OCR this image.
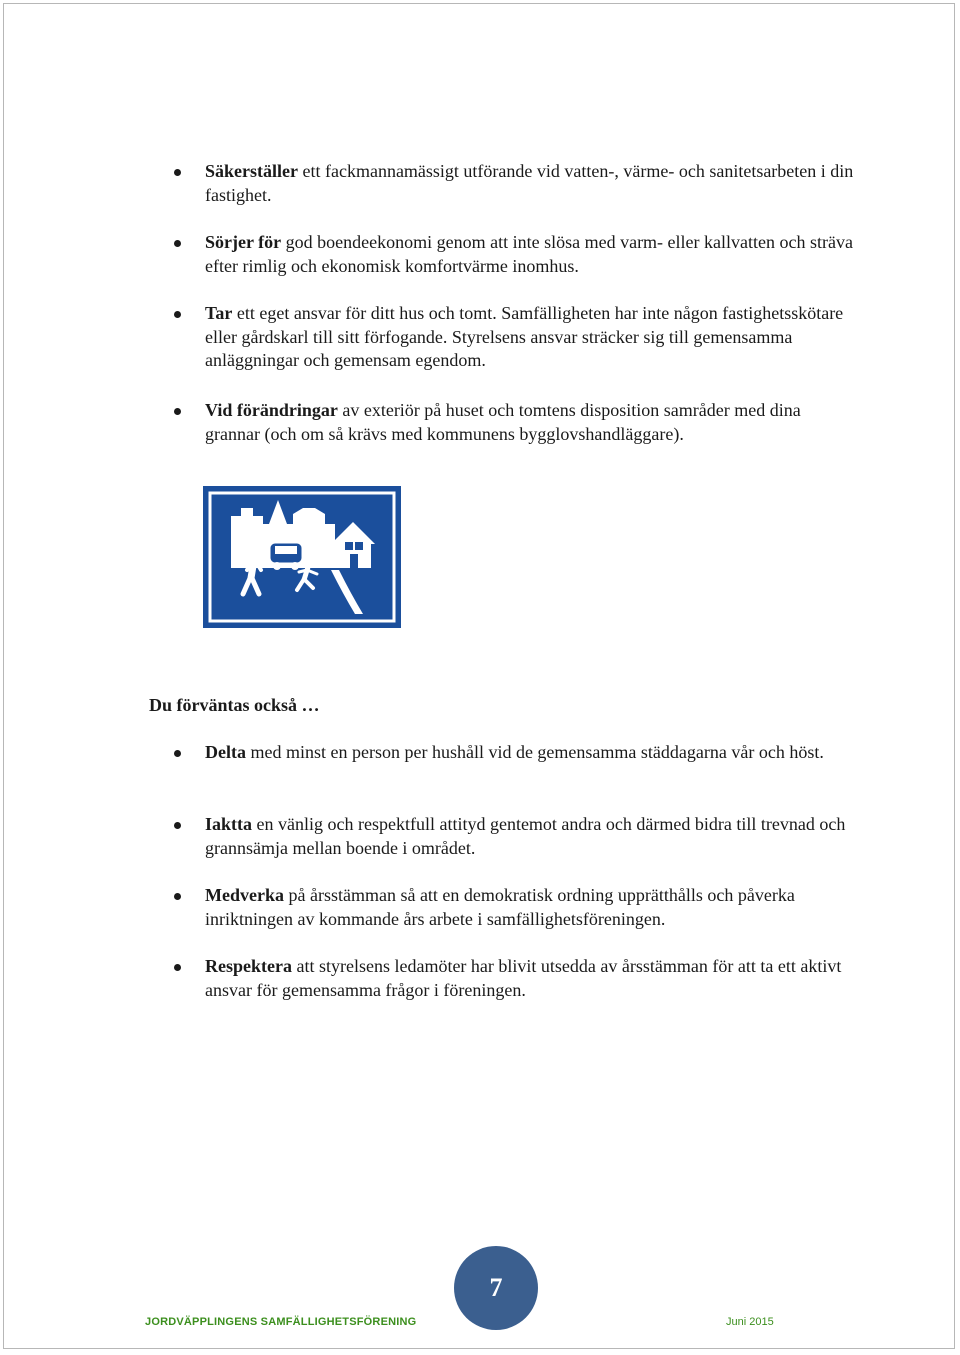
Säkerställer ett fackmannamässigt utförande vid vatten-, värme- och sanitetsarbeten i din fastighet.
Sörjer för god boendeekonomi genom att inte slösa med varm- eller kallvatten och sträva efter rimlig och ekonomisk komfortvärme inomhus.
Tar ett eget ansvar för ditt hus och tomt. Samfälligheten har inte någon fastighetsskötare eller gårdskarl till sitt förfogande. Styrelsens ansvar sträcker sig till gemensamma anläggningar och gemensam egendom.
Vid förändringar av exteriör på huset och tomtens disposition samråder med dina grannar (och om så krävs med kommunens bygglovshandläggare).
Du förväntas också …
Delta med minst en person per hushåll vid de gemensamma städdagarna vår och höst.
Iaktta en vänlig och respektfull attityd gentemot andra och därmed bidra till trevnad och grannsämja mellan boende i området.
Medverka på årsstämman så att en demokratisk ordning upprätthålls och påverka inriktningen av kommande års arbete i samfällighetsföreningen.
Respektera att styrelsens ledamöter har blivit utsedda av årsstämman för att ta ett aktivt ansvar för gemensamma frågor i föreningen.
7
JORDVÄPPLINGENS SAMFÄLLIGHETSFÖRENING	Juni 2015
